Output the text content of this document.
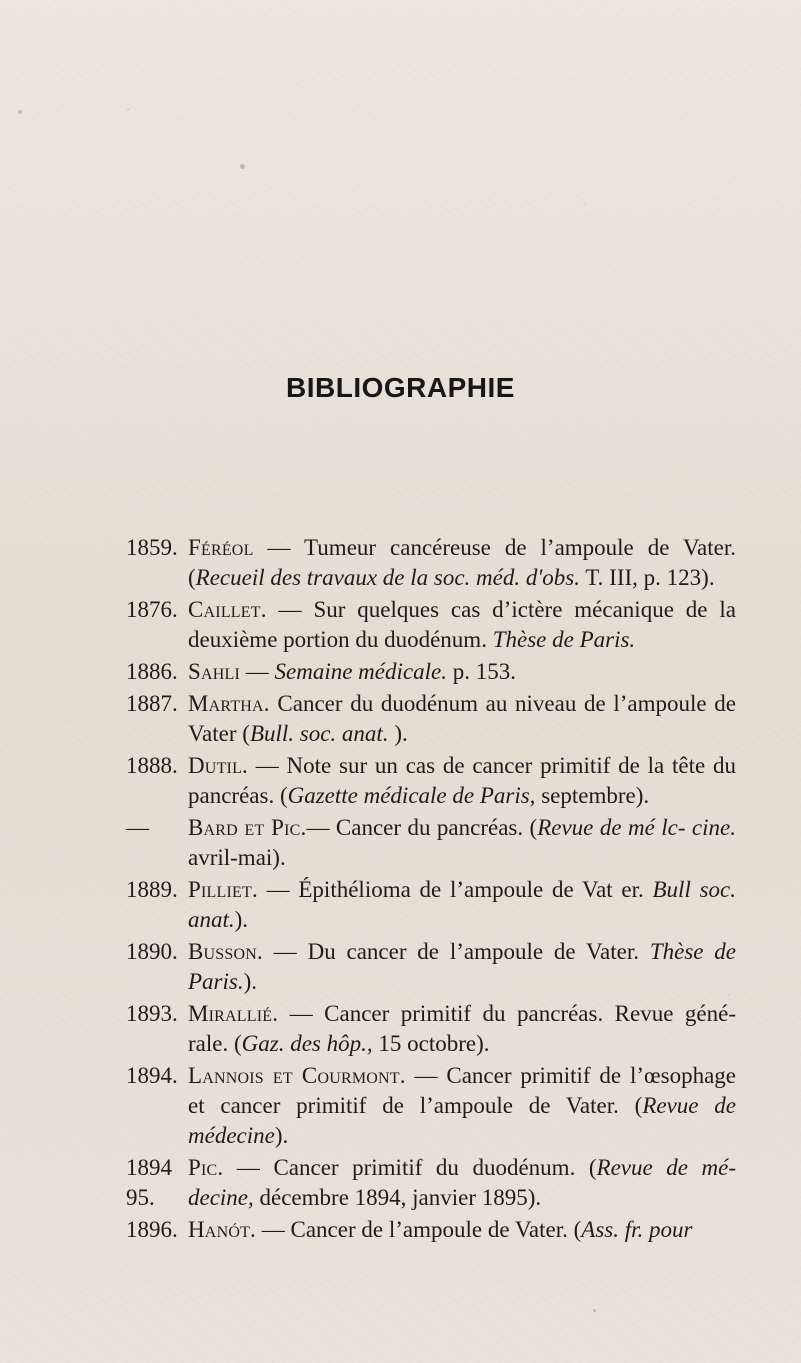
BIBLIOGRAPHIE
1859. Féréol — Tumeur cancéreuse de l’ampoule de Vater. (Recueil des travaux de la soc. méd. d'obs. T. III, p. 123).
1876. Caillet. — Sur quelques cas d’ictère mécanique de la deuxième portion du duodénum. Thèse de Paris.
1886. Sahli — Semaine médicale. p. 153.
1887. Martha. Cancer du duodénum au niveau de l’ampoule de Vater (Bull. soc. anat. ).
1888. Dutil. — Note sur un cas de cancer primitif de la tête du pancréas. (Gazette médicale de Paris, septembre).
—	Bard et Pic.— Cancer du pancréas. (Revue de mé lc- cine. avril-mai).
1889. Pilliet. — Épithélioma de l’ampoule de Vat er. Bull soc. anat.).
1890. Busson. — Du cancer de l’ampoule de Vater. Thèse de Paris.).
1893. Mirallié. — Cancer primitif du pancréas. Revue géné- rale. (Gaz. des hôp., 15 octobre).
1894. Lannois et Courmont. — Cancer primitif de l’œsophage et cancer primitif de l’ampoule de Vater. (Revue de médecine).
1894 95.
Pic. — Cancer primitif du duodénum. (Revue de mé- decine, décembre 1894, janvier 1895).
1896. Hanót. — Cancer de l’ampoule de Vater. (Ass. fr. pour
